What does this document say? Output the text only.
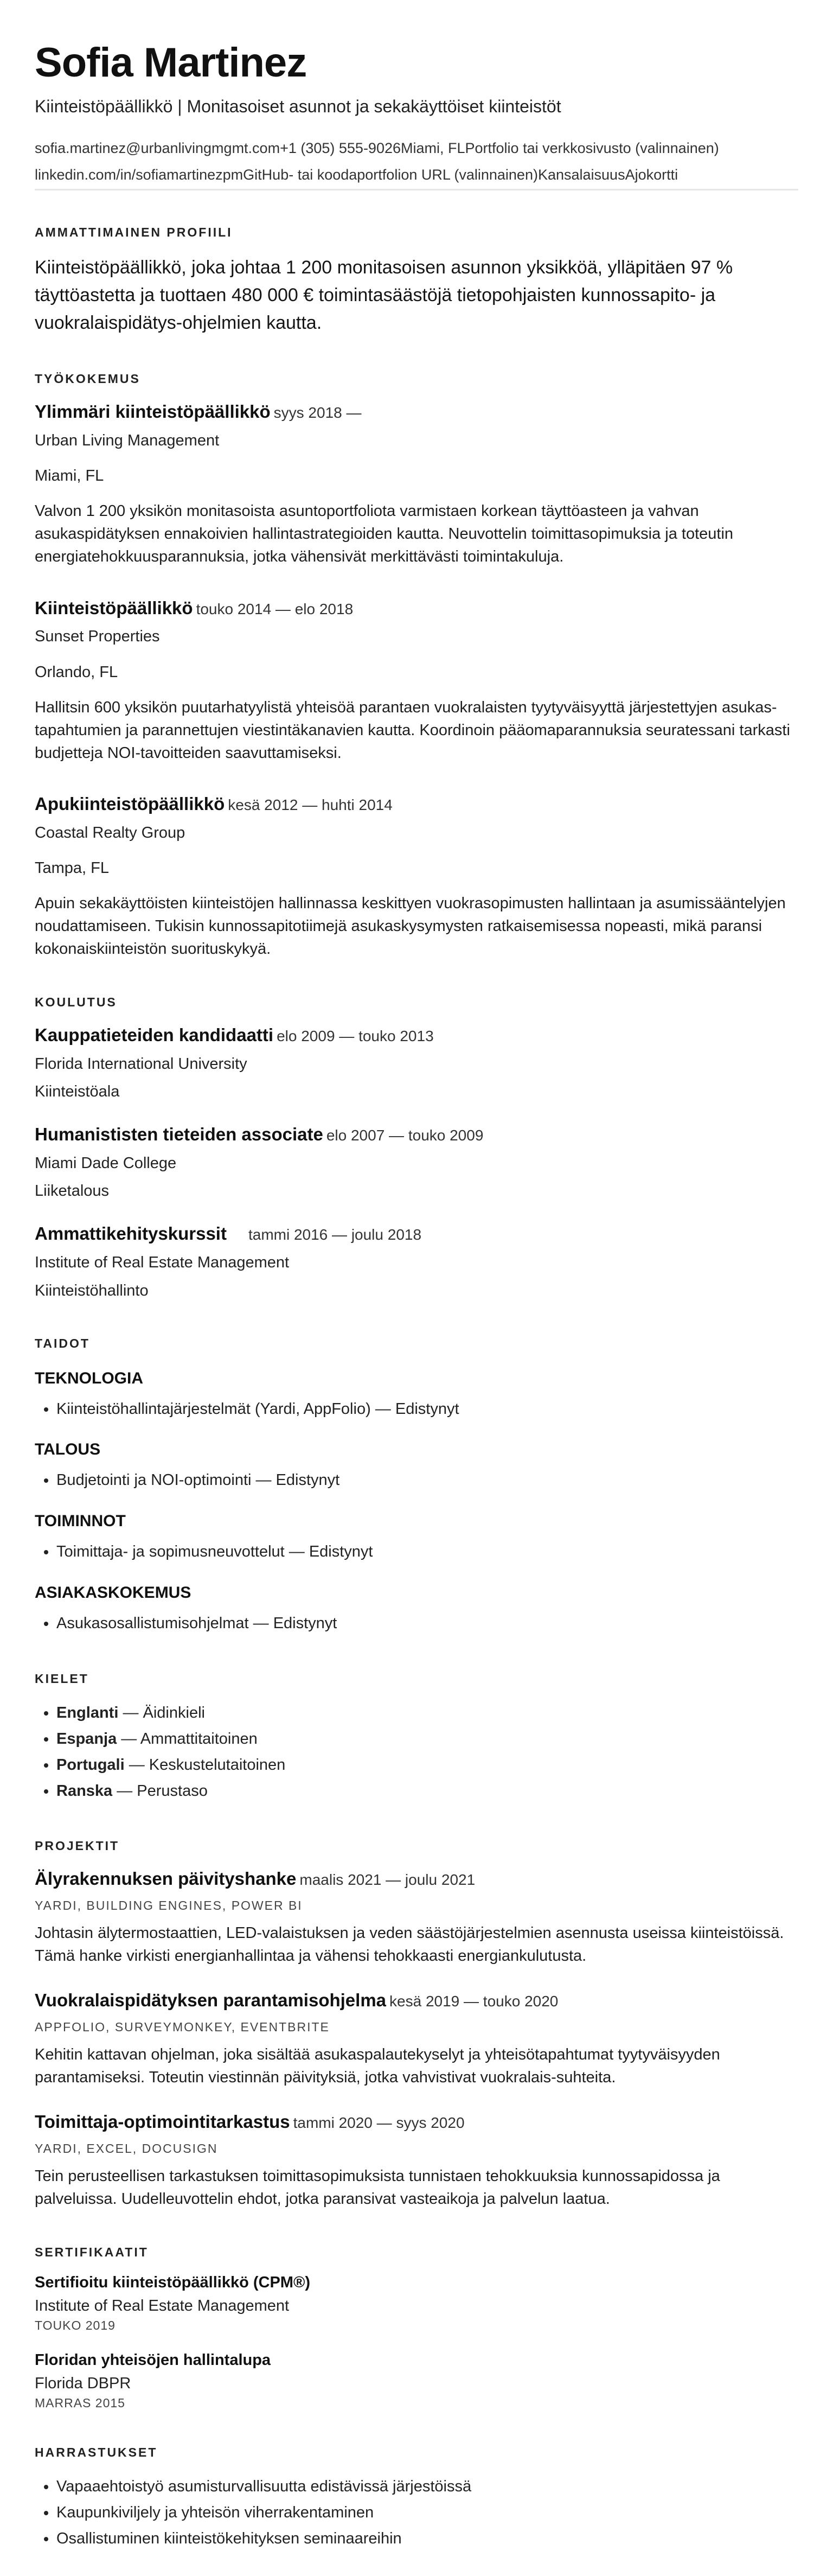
Sofia Martinez
Kiinteistöpäällikkö | Monitasoiset asunnot ja sekakäyttöiset kiinteistöt
sofia.martinez@urbanlivingmgmt.com+1 (305) 555-9026Miami, FLPortfolio tai verkkosivusto (valinnainen)
linkedin.com/in/sofiamartinezpmGitHub- tai koodaportfolion URL (valinnainen)KansalaisuusAjokortti
AMMATTIMAINEN PROFIILI
Kiinteistöpäällikkö, joka johtaa 1 200 monitasoisen asunnon yksikköä, ylläpitäen 97 % täyttöastetta ja tuottaen 480 000 € toimintasäästöjä tietopohjaisten kunnossapito- ja vuokralaispidätys-ohjelmien kautta.
TYÖKOKEMUS
Ylimmäri kiinteistöpäällikkö syys 2018 —
Urban Living Management
Miami, FL
Valvon 1 200 yksikön monitasoista asuntoportfoliota varmistaen korkean täyttöasteen ja vahvan asukaspidätyksen ennakoivien hallintastrategioiden kautta. Neuvottelin toimittasopimuksia ja toteutin energiatehokkuusparannuksia, jotka vähensivät merkittävästi toimintakuluja.
Kiinteistöpäällikkö touko 2014 — elo 2018
Sunset Properties
Orlando, FL
Hallitsin 600 yksikön puutarhatyylistä yhteisöä parantaen vuokralaisten tyytyväisyyttä järjestettyjen asukas-tapahtumien ja parannettujen viestintäkanavien kautta. Koordinoin pääomaparannuksia seuratessani tarkasti budjetteja NOI-tavoitteiden saavuttamiseksi.
Apukiinteistöpäällikkö kesä 2012 — huhti 2014
Coastal Realty Group
Tampa, FL
Apuin sekakäyttöisten kiinteistöjen hallinnassa keskittyen vuokrasopimusten hallintaan ja asumissääntelyjen noudattamiseen. Tukisin kunnossapitotiimejä asukaskysymysten ratkaisemisessa nopeasti, mikä paransi kokonaiskiinteistön suorituskykyä.
KOULUTUS
Kauppatieteiden kandidaatti elo 2009 — touko 2013
Florida International University
Kiinteistöala
Humanististen tieteiden associate elo 2007 — touko 2009
Miami Dade College
Liiketalous
Ammattikehityskurssit tammi 2016 — joulu 2018
Institute of Real Estate Management
Kiinteistöhallinto
TAIDOT
TEKNOLOGIA
• Kiinteistöhallintajärjestelmät (Yardi, AppFolio) — Edistynyt
TALOUS
• Budjetointi ja NOI-optimointi — Edistynyt
TOIMINNOT
• Toimittaja- ja sopimusneuvottelut — Edistynyt
ASIAKASKOKEMUS
• Asukasosallistumisohjelmat — Edistynyt
KIELET
• Englanti — Äidinkieli
• Espanja — Ammattitaitoinen
• Portugali — Keskustelutaitoinen
• Ranska — Perustaso
PROJEKTIT
Älyrakennuksen päivityshanke maalis 2021 — joulu 2021
YARDI, BUILDING ENGINES, POWER BI
Johtasin älytermostaattien, LED-valaistuksen ja veden säästöjärjestelmien asennusta useissa kiinteistöissä. Tämä hanke virkisti energianhallintaa ja vähensi tehokkaasti energiankulutusta.
Vuokralaispidätyksen parantamisohjelma kesä 2019 — touko 2020
APPFOLIO, SURVEYMONKEY, EVENTBRITE
Kehitin kattavan ohjelman, joka sisältää asukaspalautekyselyt ja yhteisötapahtumat tyytyväisyyden parantamiseksi. Toteutin viestinnän päivityksiä, jotka vahvistivat vuokralais-suhteita.
Toimittaja-optimointitarkastus tammi 2020 — syys 2020
YARDI, EXCEL, DOCUSIGN
Tein perusteellisen tarkastuksen toimittasopimuksista tunnistaen tehokkuuksia kunnossapidossa ja palveluissa. Uudelleuvottelin ehdot, jotka paransivat vasteaikoja ja palvelun laatua.
SERTIFIKAATIT
Sertifioitu kiinteistöpäällikkö (CPM®)
Institute of Real Estate Management
TOUKO 2019
Floridan yhteisöjen hallintalupa
Florida DBPR
MARRAS 2015
HARRASTUKSET
• Vapaaehtoistyö asumisturvallisuutta edistävissä järjestöissä
• Kaupunkiviljely ja yhteisön viherrakentaminen
• Osallistuminen kiinteistökehityksen seminaareihin
